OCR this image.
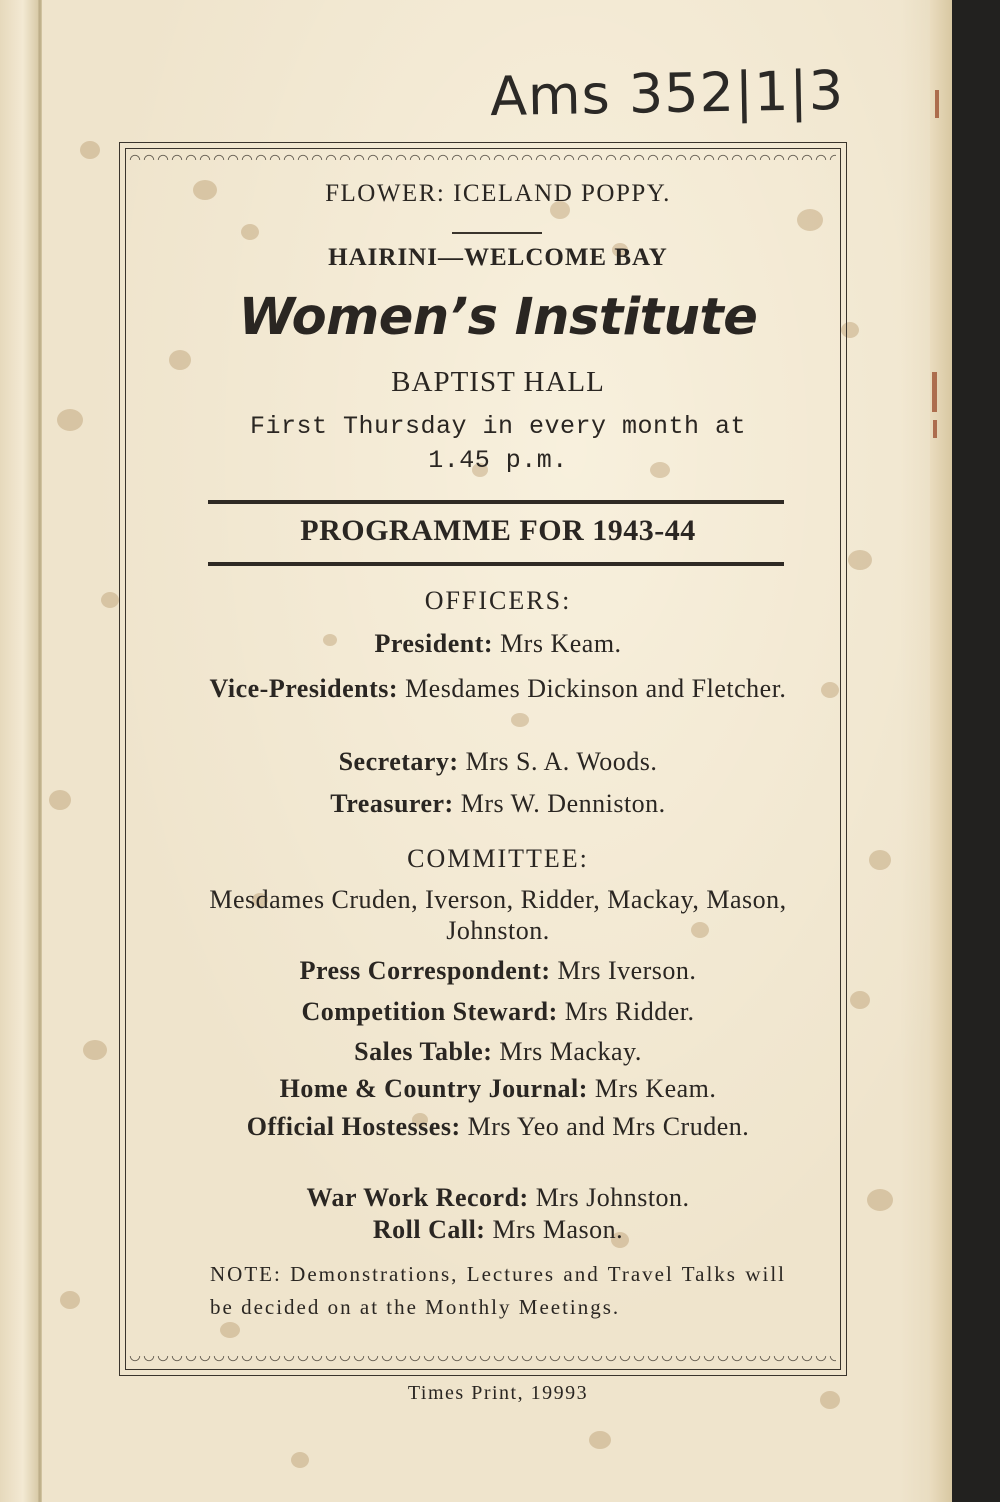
Ams 352|1|3
FLOWER: ICELAND POPPY.
HAIRINI—WELCOME BAY
Women’s Institute
BAPTIST HALL
First Thursday in every month at
1.45 p.m.
PROGRAMME FOR 1943-44
OFFICERS:
President: Mrs Keam.
Vice-Presidents: Mesdames Dickinson and Fletcher.
Secretary: Mrs S. A. Woods.
Treasurer: Mrs W. Denniston.
COMMITTEE:
Mesdames Cruden, Iverson, Ridder, Mackay, Mason, Johnston.
Press Correspondent: Mrs Iverson.
Competition Steward: Mrs Ridder.
Sales Table: Mrs Mackay.
Home & Country Journal: Mrs Keam.
Official Hostesses: Mrs Yeo and Mrs Cruden.
War Work Record: Mrs Johnston.
Roll Call: Mrs Mason.
NOTE: Demonstrations, Lectures and Travel Talks will be decided on at the Monthly Meetings.
Times Print, 19993
